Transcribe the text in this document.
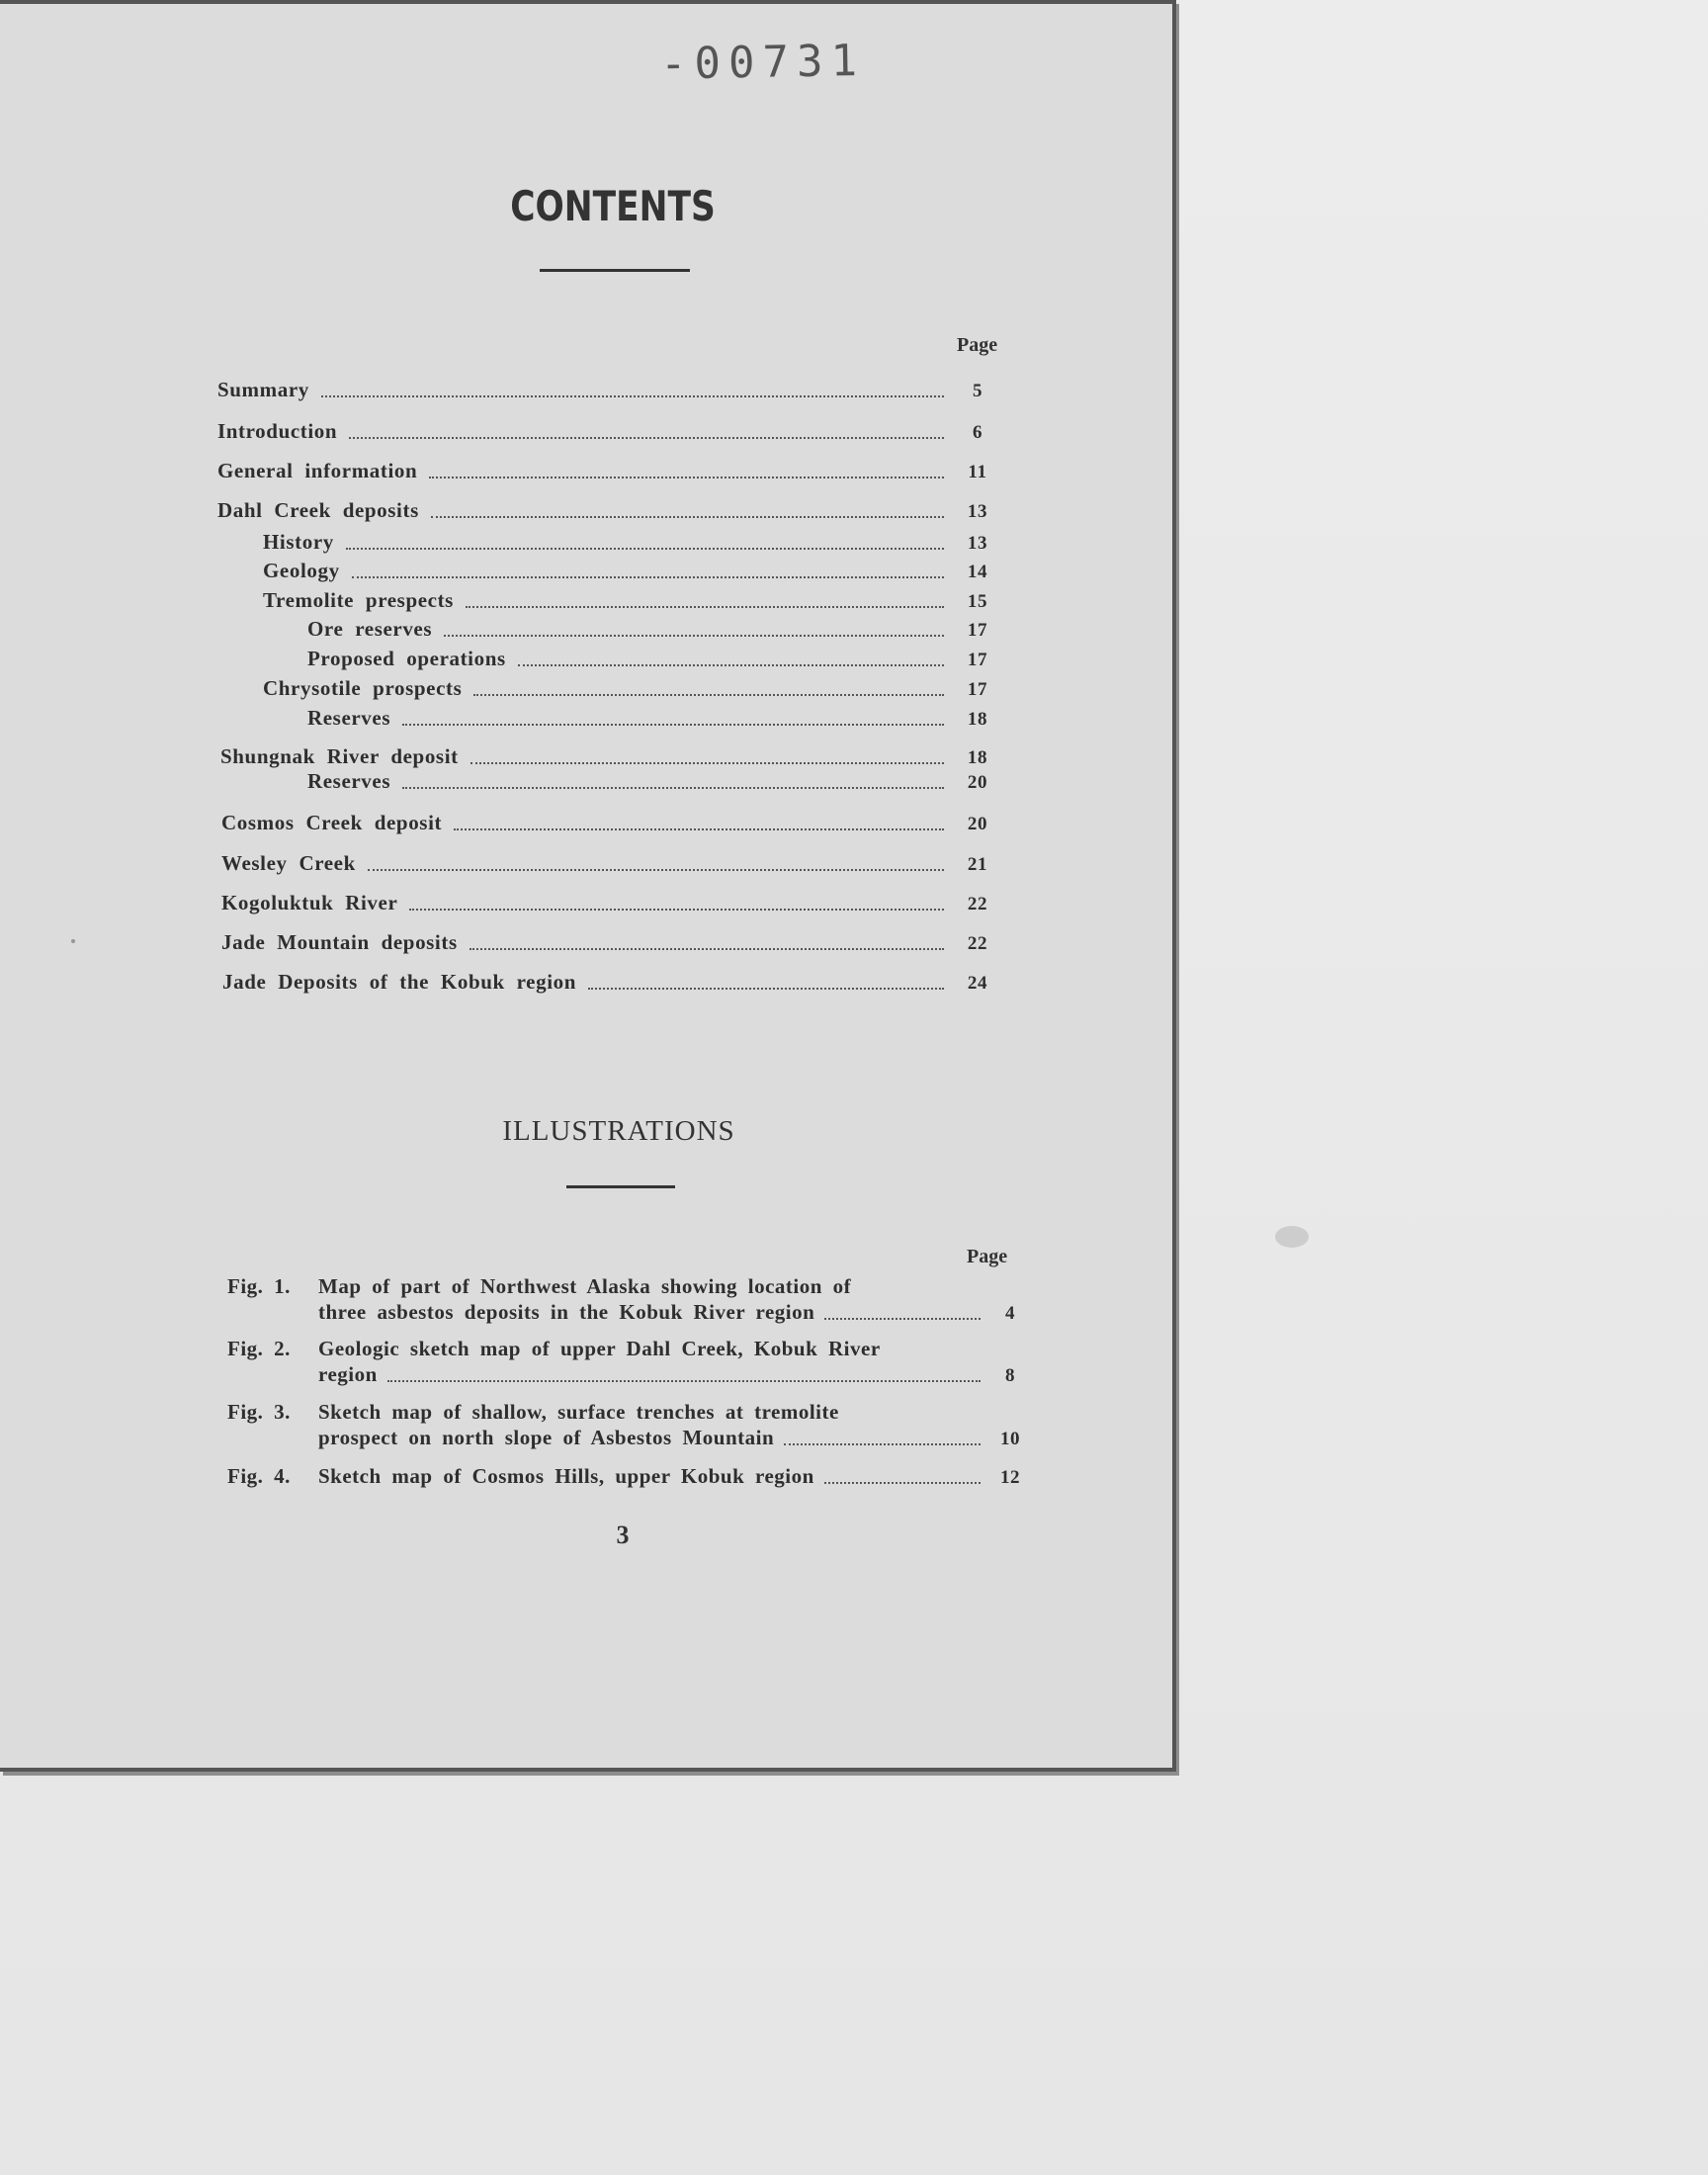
-00731
CONTENTS
Page
Summary	5
Introduction	6
General information	11
Dahl Creek deposits	13
History	13
Geology	14
Tremolite prespects	15
Ore reserves	17
Proposed operations	17
Chrysotile prospects	17
Reserves	18
Shungnak River deposit	18
Reserves	20
Cosmos Creek deposit	20
Wesley Creek	21
Kogoluktuk River	22
Jade Mountain deposits	22
Jade Deposits of the Kobuk region	24
ILLUSTRATIONS
Page
Fig. 1.	Map of part of Northwest Alaska showing location of
three asbestos deposits in the Kobuk River region	4
Fig. 2.	Geologic sketch map of upper Dahl Creek, Kobuk River
region	8
Fig. 3.	Sketch map of shallow, surface trenches at tremolite
prospect on north slope of Asbestos Mountain	10
Fig. 4.	Sketch map of Cosmos Hills, upper Kobuk region	12
3
